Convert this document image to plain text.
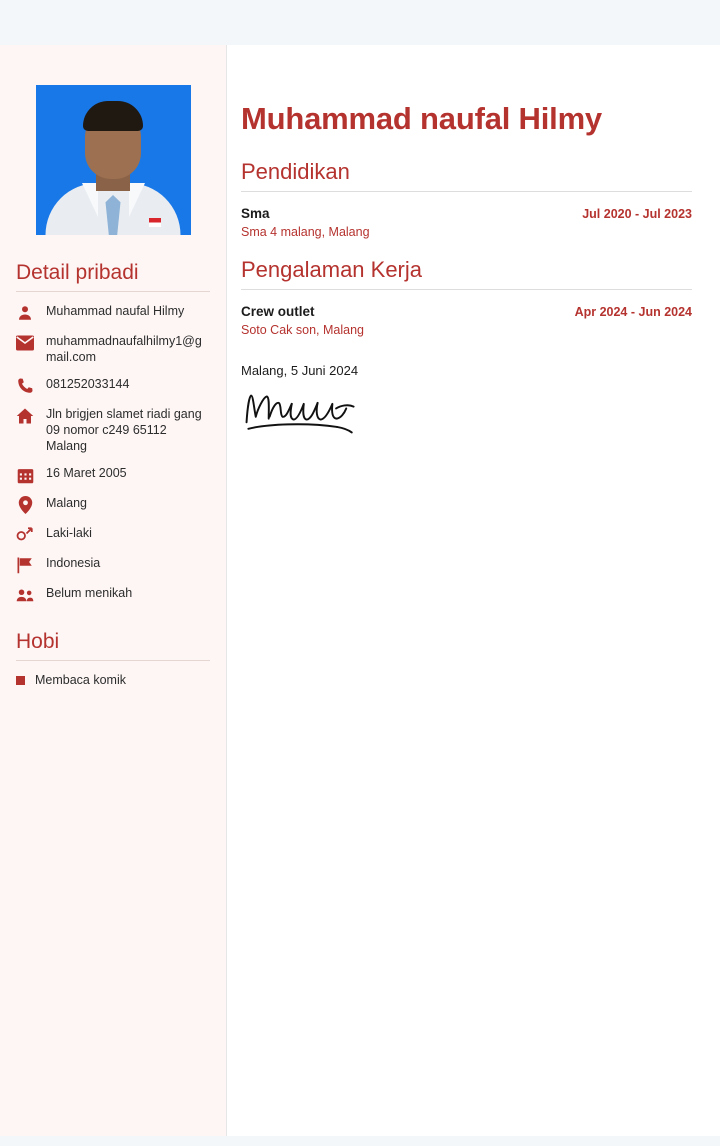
Detail pribadi
Muhammad naufal Hilmy
muhammadnaufalhilmy1@gmail.com
081252033144
Jln brigjen slamet riadi gang 09 nomor c249 65112 Malang
16 Maret 2005
Malang
Laki-laki
Indonesia
Belum menikah
Hobi
Membaca komik
Muhammad naufal Hilmy
Pendidikan
Sma	Jul 2020 - Jul 2023
Sma 4 malang, Malang
Pengalaman Kerja
Crew outlet	Apr 2024 - Jun 2024
Soto Cak son, Malang
Malang, 5 Juni 2024
